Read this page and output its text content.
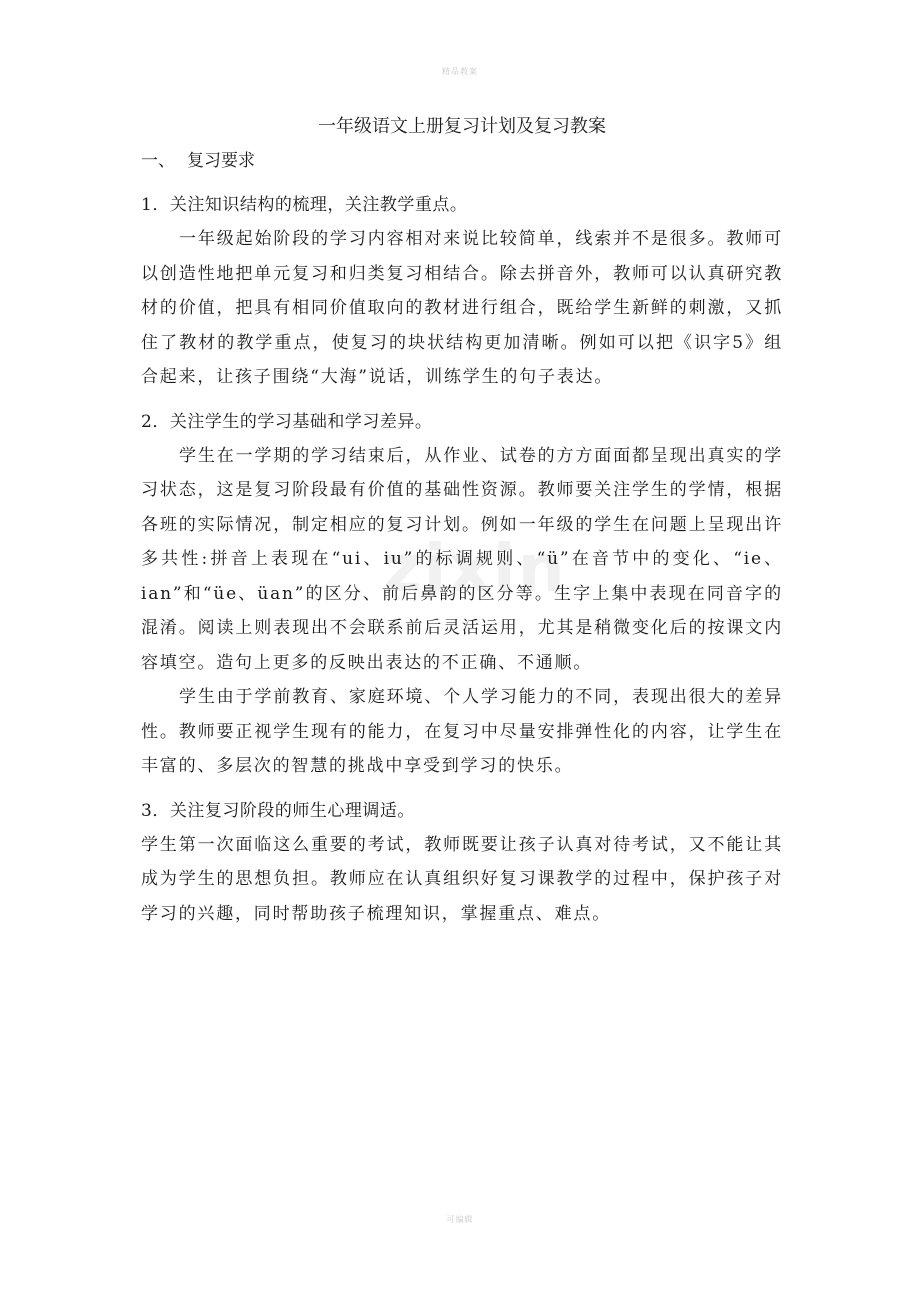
精品教案
zixin
一年级语文上册复习计划及复习教案
一、 复习要求

1．关注知识结构的梳理，关注教学重点。

一年级起始阶段的学习内容相对来说比较简单，线索并不是很多。教师可以创造性地把单元复习和归类复习相结合。除去拼音外，教师可以认真研究教材的价值，把具有相同价值取向的教材进行组合，既给学生新鲜的刺激，又抓住了教材的教学重点，使复习的块状结构更加清晰。例如可以把《识字5》组合起来，让孩子围绕“大海”说话，训练学生的句子表达。

2．关注学生的学习基础和学习差异。

学生在一学期的学习结束后，从作业、试卷的方方面面都呈现出真实的学习状态，这是复习阶段最有价值的基础性资源。教师要关注学生的学情，根据各班的实际情况，制定相应的复习计划。例如一年级的学生在问题上呈现出许多共性:拼音上表现在“ui、iu”的标调规则、“ü”在音节中的变化、“ie、ian”和“üe、üan”的区分、前后鼻韵的区分等。生字上集中表现在同音字的混淆。阅读上则表现出不会联系前后灵活运用，尤其是稍微变化后的按课文内容填空。造句上更多的反映出表达的不正确、不通顺。

学生由于学前教育、家庭环境、个人学习能力的不同，表现出很大的差异性。教师要正视学生现有的能力，在复习中尽量安排弹性化的内容，让学生在丰富的、多层次的智慧的挑战中享受到学习的快乐。

3．关注复习阶段的师生心理调适。

学生第一次面临这么重要的考试，教师既要让孩子认真对待考试，又不能让其成为学生的思想负担。教师应在认真组织好复习课教学的过程中，保护孩子对学习的兴趣，同时帮助孩子梳理知识，掌握重点、难点。

可编辑
